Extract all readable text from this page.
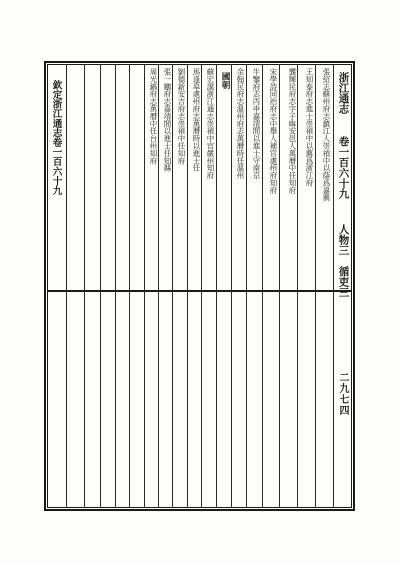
浙江通志
卷一百六十九
人物三
循吏三
二九七四
張紹志蘇州府志鎮江人崇禎中以蔭爲嘉興
王知泰府志進士崇禎中以薦爲浙江府
龔輝民府志字子晦安邑人萬曆中任知府
宋學詩同治府志中舉人補官處州府知府
牛鑒府志丙申嘉靖間以進士守南京
余翰民府志溫州府志萬曆時任溫州
國朝
蘇宏謨浙江通志崇禎中官嚴州知府
馬逢皋處州府志萬曆時以進士任
劉德新安吉府志崇禎中任知府
張一鵬府志嘉靖間以進士任知縣
周光鎬府志萬曆中任台州知府
欽定浙江通志卷一百六十九
